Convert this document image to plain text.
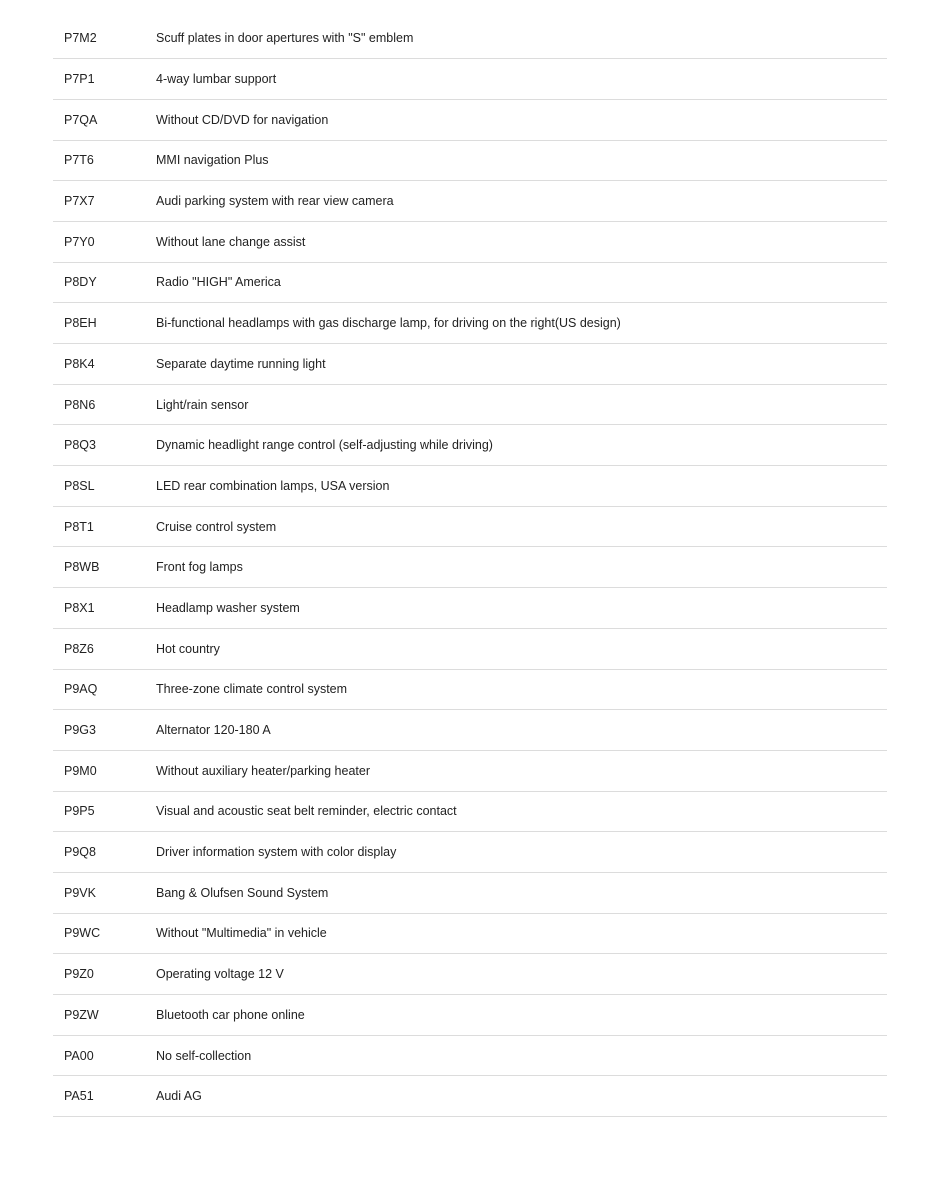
P7M2	Scuff plates in door apertures with "S" emblem
P7P1	4-way lumbar support
P7QA	Without CD/DVD for navigation
P7T6	MMI navigation Plus
P7X7	Audi parking system with rear view camera
P7Y0	Without lane change assist
P8DY	Radio "HIGH" America
P8EH	Bi-functional headlamps with gas discharge lamp, for driving on the right(US design)
P8K4	Separate daytime running light
P8N6	Light/rain sensor
P8Q3	Dynamic headlight range control (self-adjusting while driving)
P8SL	LED rear combination lamps, USA version
P8T1	Cruise control system
P8WB	Front fog lamps
P8X1	Headlamp washer system
P8Z6	Hot country
P9AQ	Three-zone climate control system
P9G3	Alternator 120-180 A
P9M0	Without auxiliary heater/parking heater
P9P5	Visual and acoustic seat belt reminder, electric contact
P9Q8	Driver information system with color display
P9VK	Bang & Olufsen Sound System
P9WC	Without "Multimedia" in vehicle
P9Z0	Operating voltage 12 V
P9ZW	Bluetooth car phone online
PA00	No self-collection
PA51	Audi AG
